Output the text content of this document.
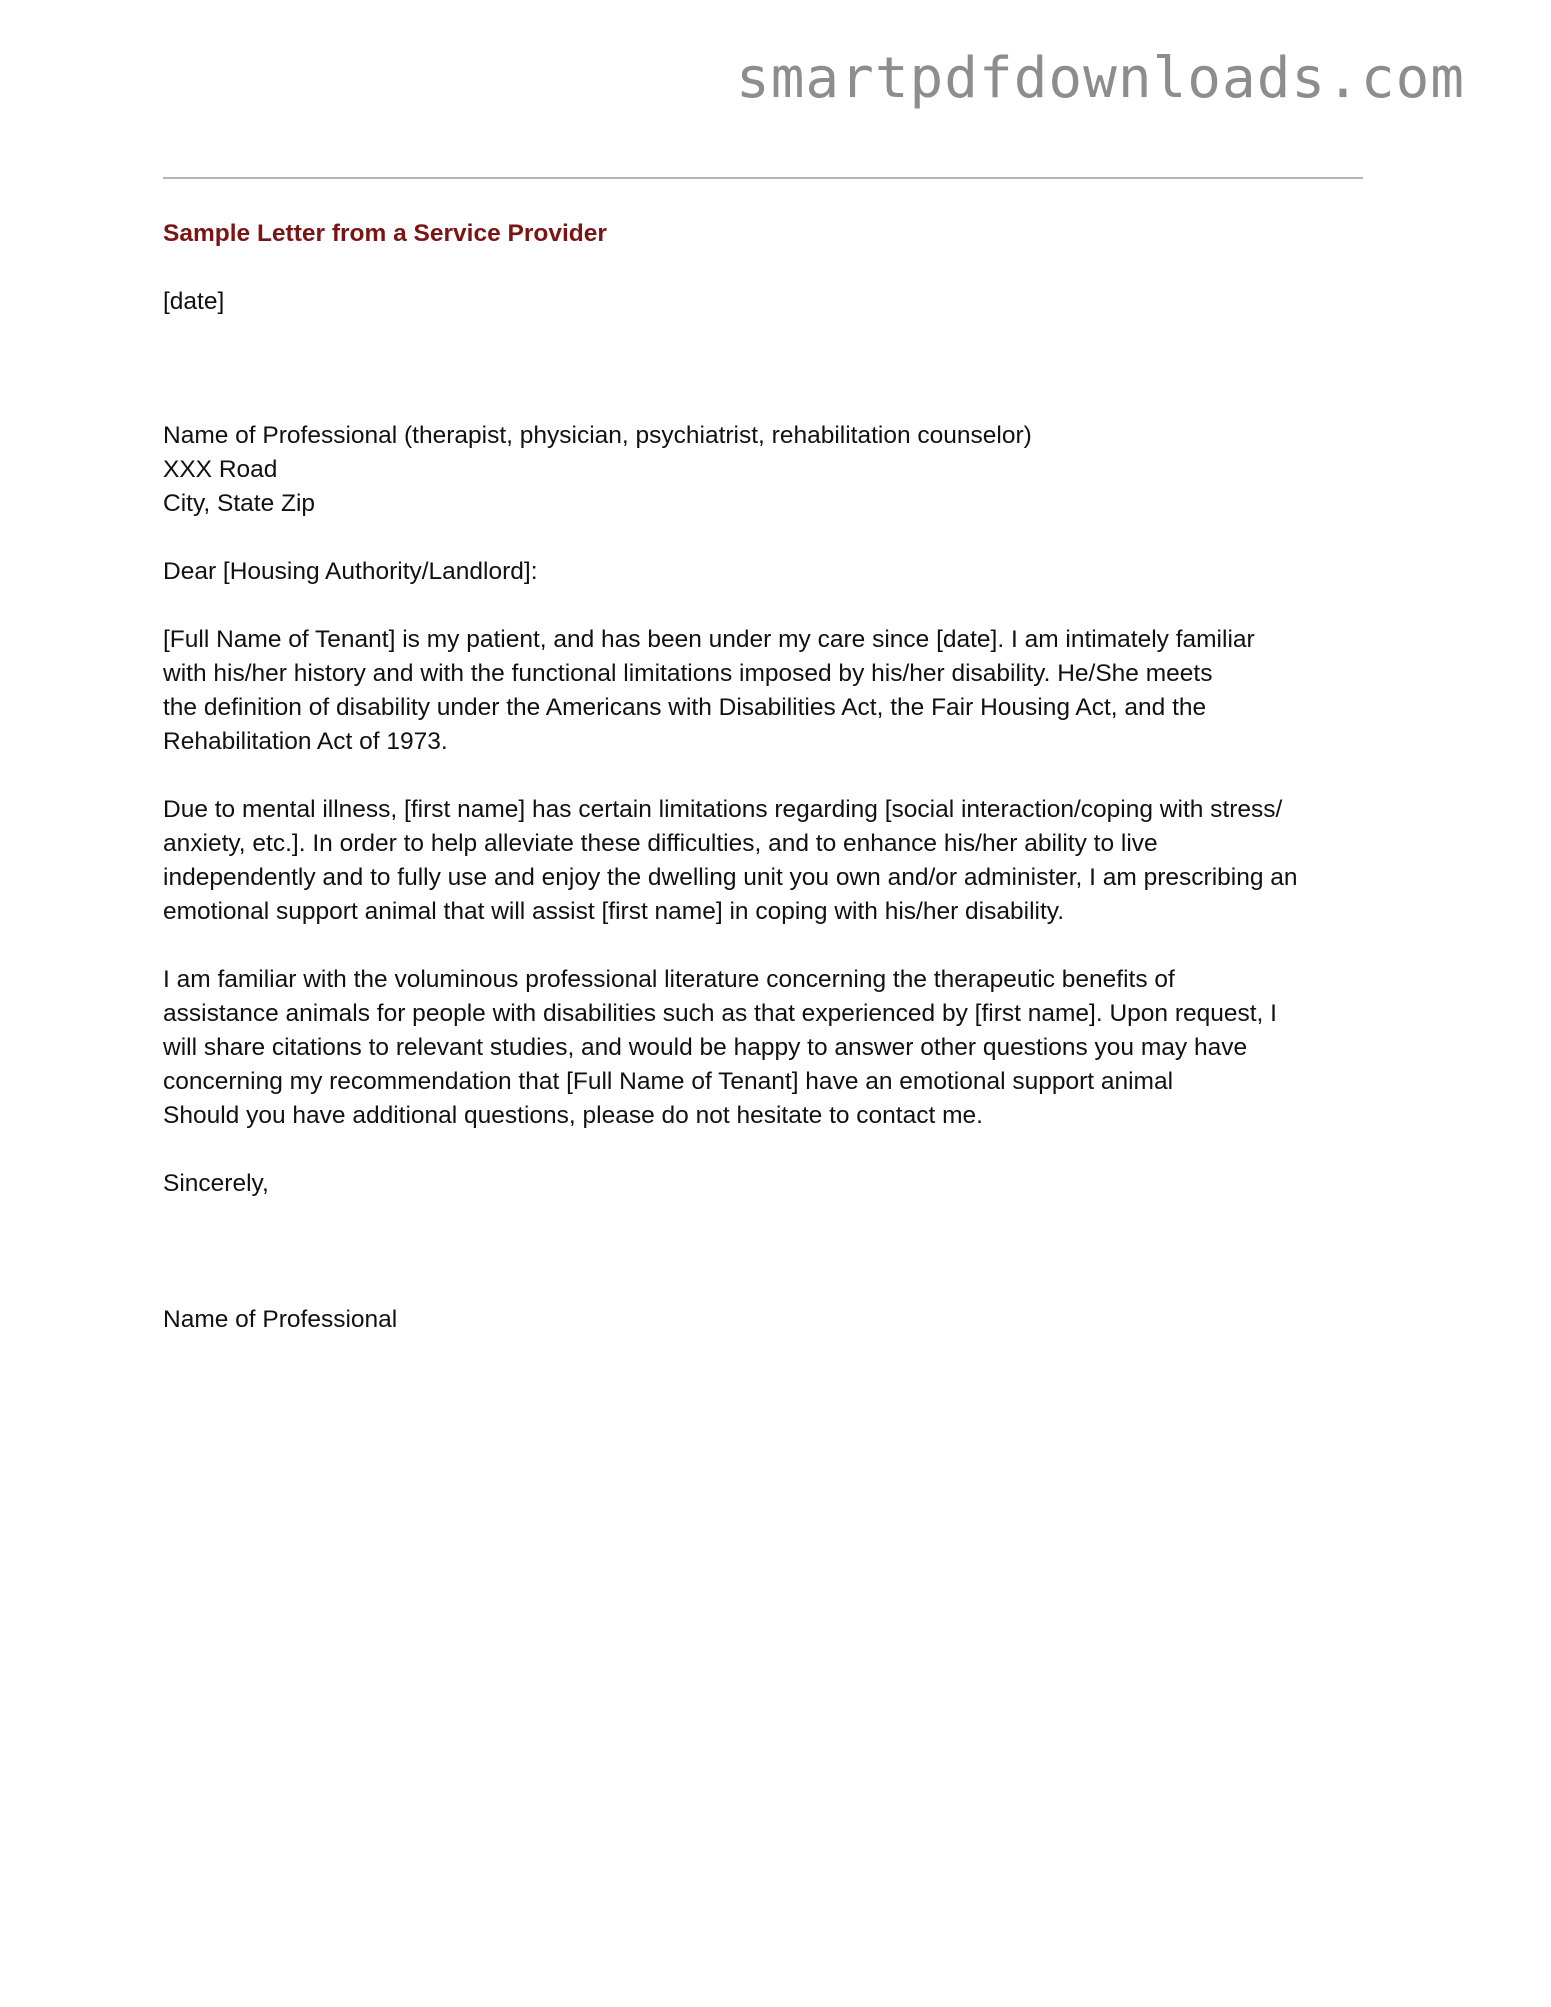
smartpdfdownloads.com

Sample Letter from a Service Provider

[date]

Name of Professional (therapist, physician, psychiatrist, rehabilitation counselor)
XXX Road
City, State Zip

Dear [Housing Authority/Landlord]:

[Full Name of Tenant] is my patient, and has been under my care since [date]. I am intimately familiar
with his/her history and with the functional limitations imposed by his/her disability. He/She meets
the definition of disability under the Americans with Disabilities Act, the Fair Housing Act, and the
Rehabilitation Act of 1973.
Due to mental illness, [first name] has certain limitations regarding [social interaction/coping with stress/
anxiety, etc.]. In order to help alleviate these difficulties, and to enhance his/her ability to live
independently and to fully use and enjoy the dwelling unit you own and/or administer, I am prescribing an
emotional support animal that will assist [first name] in coping with his/her disability.
I am familiar with the voluminous professional literature concerning the therapeutic benefits of
assistance animals for people with disabilities such as that experienced by [first name]. Upon request, I
will share citations to relevant studies, and would be happy to answer other questions you may have
concerning my recommendation that [Full Name of Tenant] have an emotional support animal
Should you have additional questions, please do not hesitate to contact me.

Sincerely,

Name of Professional
